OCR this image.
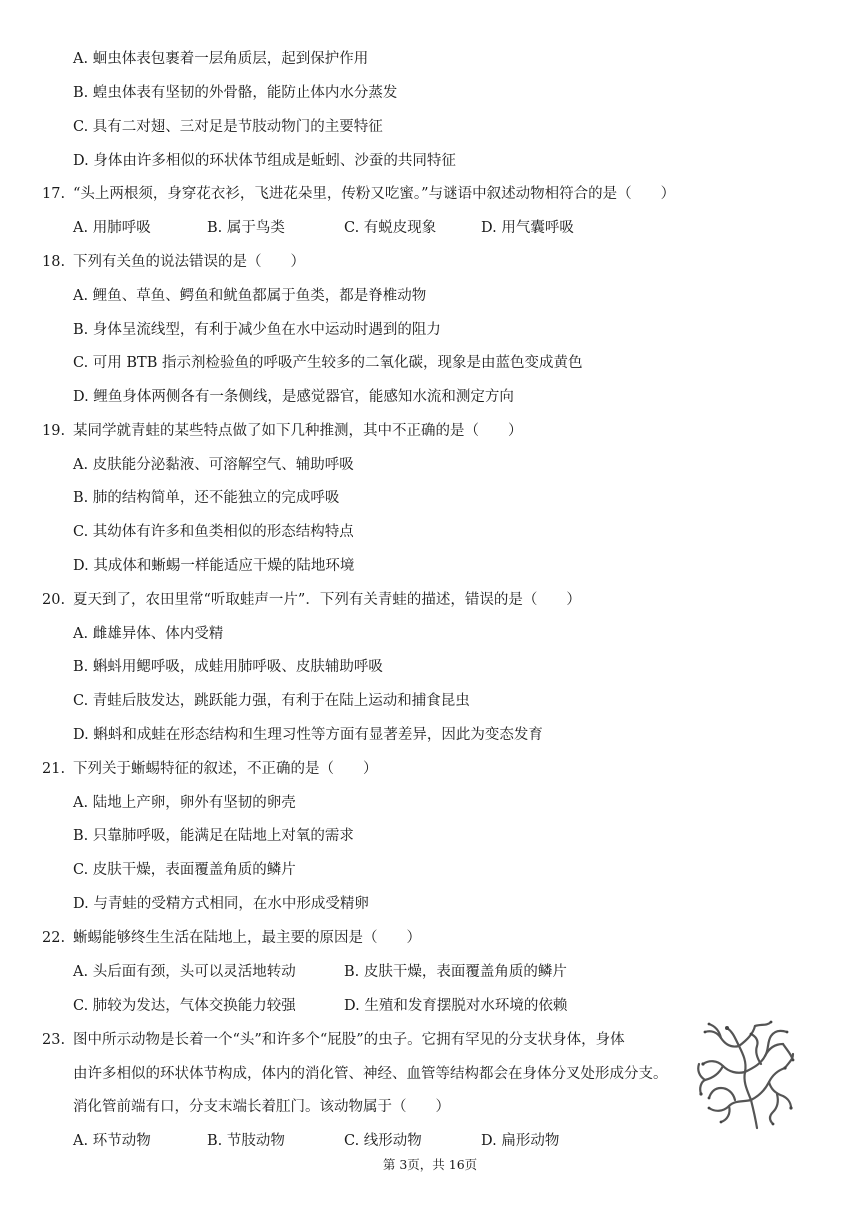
A. 蛔虫体表包裹着一层角质层，起到保护作用
B. 蝗虫体表有坚韧的外骨骼，能防止体内水分蒸发
C. 具有二对翅、三对足是节肢动物门的主要特征
D. 身体由许多相似的环状体节组成是蚯蚓、沙蚕的共同特征
17. “头上两根须，身穿花衣衫，飞进花朵里，传粉又吃蜜。”与谜语中叙述动物相符合的是（　　）
A. 用肺呼吸	B. 属于鸟类	C. 有蜕皮现象	D. 用气囊呼吸
18. 下列有关鱼的说法错误的是（　　）
A. 鲤鱼、草鱼、鳄鱼和鱿鱼都属于鱼类，都是脊椎动物
B. 身体呈流线型，有利于减少鱼在水中运动时遇到的阻力
C. 可用 BTB 指示剂检验鱼的呼吸产生较多的二氧化碳，现象是由蓝色变成黄色
D. 鲤鱼身体两侧各有一条侧线，是感觉器官，能感知水流和测定方向
19. 某同学就青蛙的某些特点做了如下几种推测，其中不正确的是（　　）
A. 皮肤能分泌黏液、可溶解空气、辅助呼吸
B. 肺的结构简单，还不能独立的完成呼吸
C. 其幼体有许多和鱼类相似的形态结构特点
D. 其成体和蜥蜴一样能适应干燥的陆地环境
20. 夏天到了，农田里常“听取蛙声一片”．下列有关青蛙的描述，错误的是（　　）
A. 雌雄异体、体内受精
B. 蝌蚪用鳃呼吸，成蛙用肺呼吸、皮肤辅助呼吸
C. 青蛙后肢发达，跳跃能力强，有利于在陆上运动和捕食昆虫
D. 蝌蚪和成蛙在形态结构和生理习性等方面有显著差异，因此为变态发育
21. 下列关于蜥蜴特征的叙述，不正确的是（　　）
A. 陆地上产卵，卵外有坚韧的卵壳
B. 只靠肺呼吸，能满足在陆地上对氧的需求
C. 皮肤干燥，表面覆盖角质的鳞片
D. 与青蛙的受精方式相同，在水中形成受精卵
22. 蜥蜴能够终生生活在陆地上，最主要的原因是（　　）
A. 头后面有颈，头可以灵活地转动	B. 皮肤干燥，表面覆盖角质的鳞片
C. 肺较为发达，气体交换能力较强	D. 生殖和发育摆脱对水环境的依赖
23. 图中所示动物是长着一个“头”和许多个“屁股”的虫子。它拥有罕见的分支状身体，身体
由许多相似的环状体节构成，体内的消化管、神经、血管等结构都会在身体分叉处形成分支。
消化管前端有口，分支末端长着肛门。该动物属于（　　）
A. 环节动物	B. 节肢动物	C. 线形动物	D. 扁形动物
第 3页，共 16页
